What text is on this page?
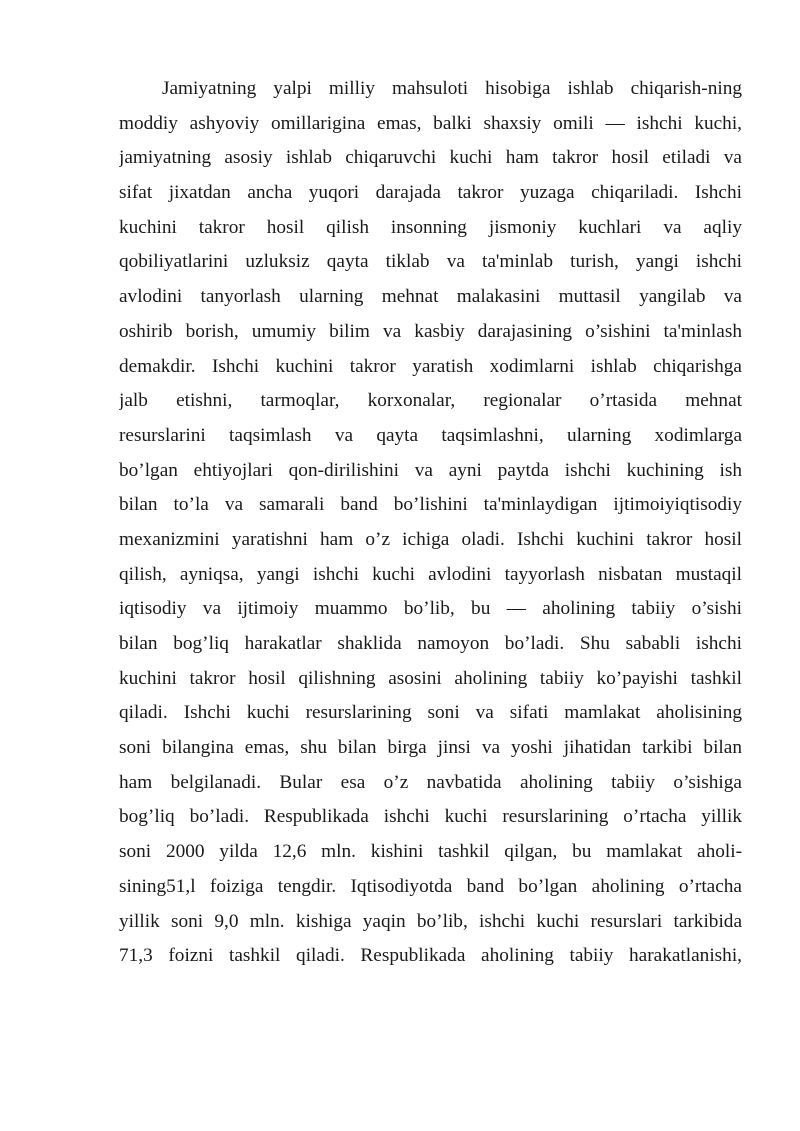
Jamiyatning yalpi milliy mahsuloti hisobiga ishlab chiqarish-ning
moddiy ashyoviy omillarigina emas, balki shaxsiy omili — ishchi kuchi,
jamiyatning asosiy ishlab chiqaruvchi kuchi ham takror hosil etiladi va
sifat jixatdan ancha yuqori darajada takror yuzaga chiqariladi. Ishchi
kuchini takror hosil qilish insonning jismoniy kuchlari va aqliy
qobiliyatlarini uzluksiz qayta tiklab va ta'minlab turish, yangi ishchi
avlodini tanyorlash ularning mehnat malakasini muttasil yangilab va
oshirib borish, umumiy bilim va kasbiy darajasining o’sishini ta'minlash
demakdir. Ishchi kuchini takror yaratish xodimlarni ishlab chiqarishga
jalb etishni, tarmoqlar, korxonalar, regionalar o’rtasida mehnat
resurslarini taqsimlash va qayta taqsimlashni, ularning xodimlarga
bo’lgan ehtiyojlari qon-dirilishini va ayni paytda ishchi kuchining ish
bilan to’la va samarali band bo’lishini ta'minlaydigan ijtimoiyiqtisodiy
mexanizmini yaratishni ham o’z ichiga oladi. Ishchi kuchini takror hosil
qilish, ayniqsa, yangi ishchi kuchi avlodini tayyorlash nisbatan mustaqil
iqtisodiy va ijtimoiy muammo bo’lib, bu — aholining tabiiy o’sishi
bilan bog’liq harakatlar shaklida namoyon bo’ladi. Shu sababli ishchi
kuchini takror hosil qilishning asosini aholining tabiiy ko’payishi tashkil
qiladi. Ishchi kuchi resurslarining soni va sifati mamlakat aholisining
soni bilangina emas, shu bilan birga jinsi va yoshi jihatidan tarkibi bilan
ham belgilanadi. Bular esa o’z navbatida aholining tabiiy o’sishiga
bog’liq bo’ladi. Respublikada ishchi kuchi resurslarining o’rtacha yillik
soni 2000 yilda 12,6 mln. kishini tashkil qilgan, bu mamlakat aholi-
sining51,l foiziga tengdir. Iqtisodiyotda band bo’lgan aholining o’rtacha
yillik soni 9,0 mln. kishiga yaqin bo’lib, ishchi kuchi resurslari tarkibida
71,3 foizni tashkil qiladi. Respublikada aholining tabiiy harakatlanishi,
